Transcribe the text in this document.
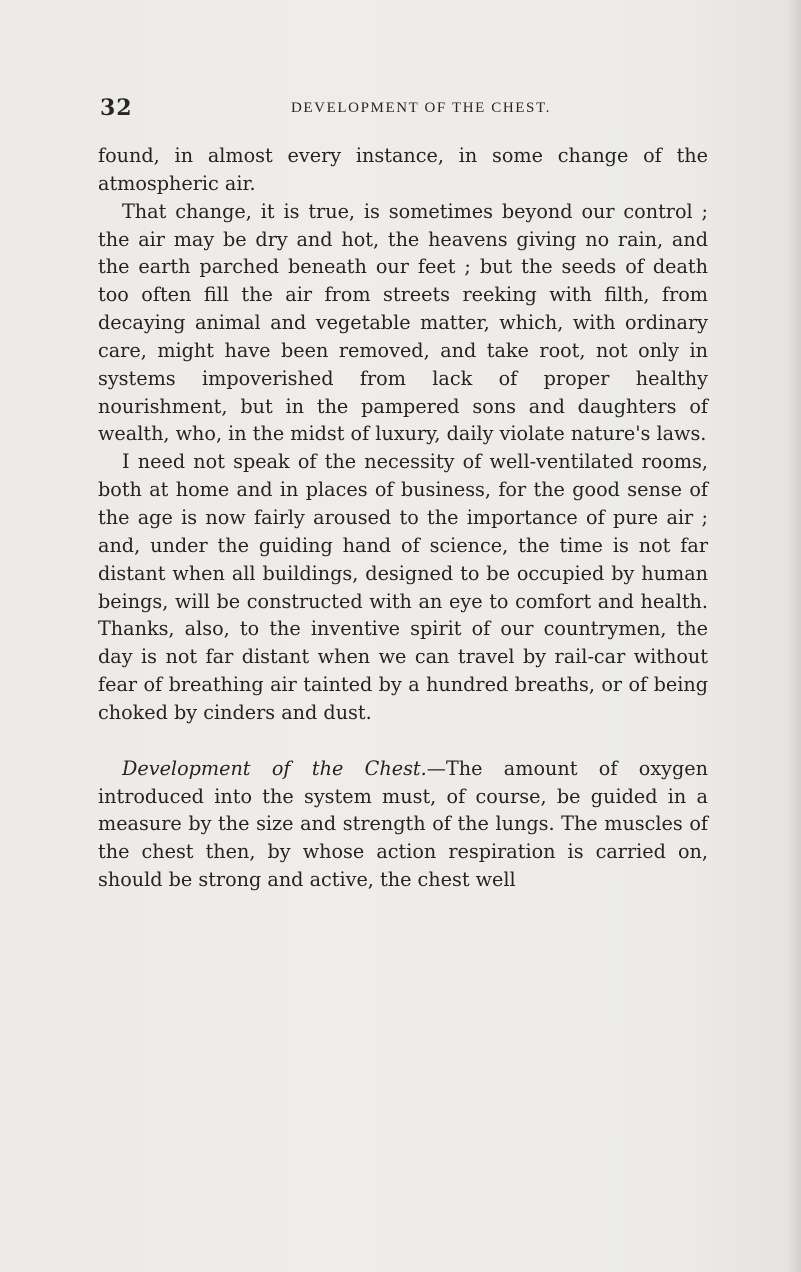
32	DEVELOPMENT OF THE CHEST.

found, in almost every instance, in some change of the atmospheric air.

That change, it is true, is sometimes beyond our control ; the air may be dry and hot, the heavens giving no rain, and the earth parched beneath our feet ; but the seeds of death too often fill the air from streets reeking with filth, from decaying animal and vegetable matter, which, with ordinary care, might have been removed, and take root, not only in systems impoverished from lack of proper healthy nourishment, but in the pampered sons and daughters of wealth, who, in the midst of luxury, daily violate nature's laws.

I need not speak of the necessity of well-ventilated rooms, both at home and in places of business, for the good sense of the age is now fairly aroused to the importance of pure air ; and, under the guiding hand of science, the time is not far distant when all buildings, designed to be occupied by human beings, will be constructed with an eye to comfort and health. Thanks, also, to the inventive spirit of our countrymen, the day is not far distant when we can travel by rail-car without fear of breathing air tainted by a hundred breaths, or of being choked by cinders and dust.

Development of the Chest.—The amount of oxygen introduced into the system must, of course, be guided in a measure by the size and strength of the lungs. The muscles of the chest then, by whose action respiration is carried on, should be strong and active, the chest well
